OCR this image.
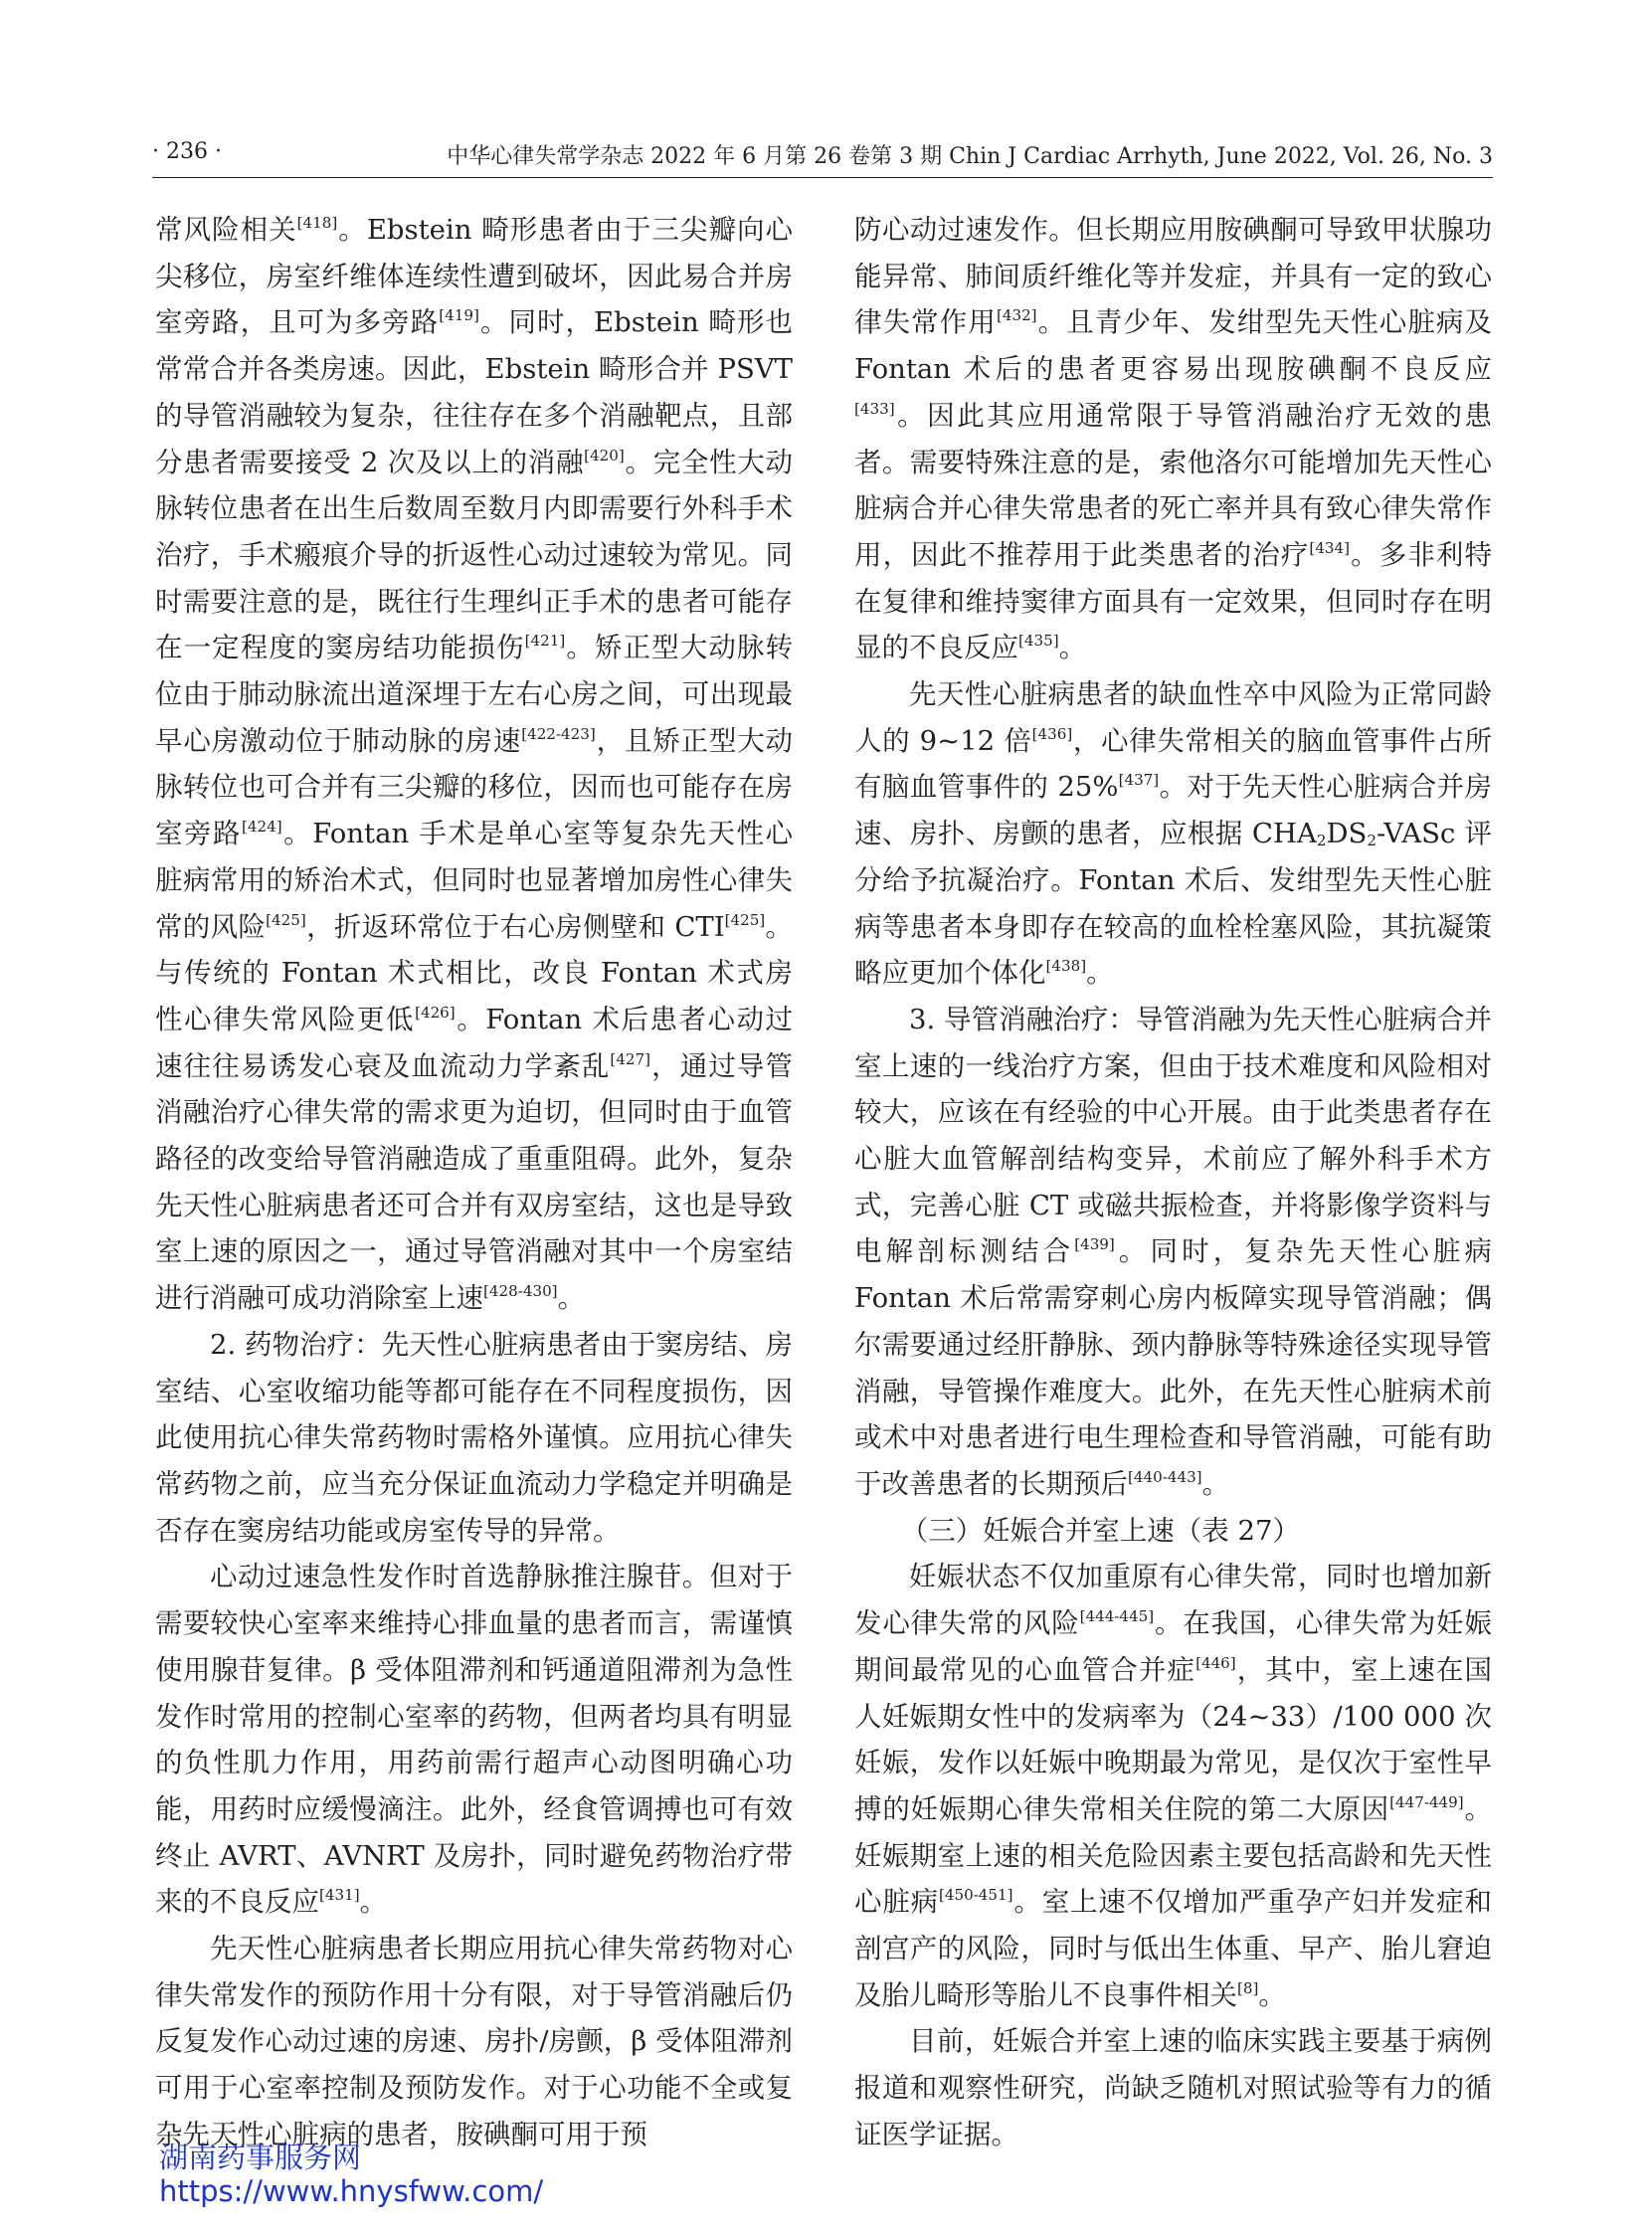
· 236 ·	中华心律失常学杂志 2022 年 6 月第 26 卷第 3 期 Chin J Cardiac Arrhyth, June 2022, Vol. 26, No. 3

常风险相关[418]。Ebstein 畸形患者由于三尖瓣向心尖移位，房室纤维体连续性遭到破坏，因此易合并房室旁路，且可为多旁路[419]。同时，Ebstein 畸形也常常合并各类房速。因此，Ebstein 畸形合并 PSVT 的导管消融较为复杂，往往存在多个消融靶点，且部分患者需要接受 2 次及以上的消融[420]。完全性大动脉转位患者在出生后数周至数月内即需要行外科手术治疗，手术瘢痕介导的折返性心动过速较为常见。同时需要注意的是，既往行生理纠正手术的患者可能存在一定程度的窦房结功能损伤[421]。矫正型大动脉转位由于肺动脉流出道深埋于左右心房之间，可出现最早心房激动位于肺动脉的房速[422-423]，且矫正型大动脉转位也可合并有三尖瓣的移位，因而也可能存在房室旁路[424]。Fontan 手术是单心室等复杂先天性心脏病常用的矫治术式，但同时也显著增加房性心律失常的风险[425]，折返环常位于右心房侧壁和 CTI[425]。与传统的 Fontan 术式相比，改良 Fontan 术式房性心律失常风险更低[426]。Fontan 术后患者心动过速往往易诱发心衰及血流动力学紊乱[427]，通过导管消融治疗心律失常的需求更为迫切，但同时由于血管路径的改变给导管消融造成了重重阻碍。此外，复杂先天性心脏病患者还可合并有双房室结，这也是导致室上速的原因之一，通过导管消融对其中一个房室结进行消融可成功消除室上速[428-430]。

2. 药物治疗：先天性心脏病患者由于窦房结、房室结、心室收缩功能等都可能存在不同程度损伤，因此使用抗心律失常药物时需格外谨慎。应用抗心律失常药物之前，应当充分保证血流动力学稳定并明确是否存在窦房结功能或房室传导的异常。

心动过速急性发作时首选静脉推注腺苷。但对于需要较快心室率来维持心排血量的患者而言，需谨慎使用腺苷复律。β 受体阻滞剂和钙通道阻滞剂为急性发作时常用的控制心室率的药物，但两者均具有明显的负性肌力作用，用药前需行超声心动图明确心功能，用药时应缓慢滴注。此外，经食管调搏也可有效终止 AVRT、AVNRT 及房扑，同时避免药物治疗带来的不良反应[431]。

先天性心脏病患者长期应用抗心律失常药物对心律失常发作的预防作用十分有限，对于导管消融后仍反复发作心动过速的房速、房扑/房颤，β 受体阻滞剂可用于心室率控制及预防发作。对于心功能不全或复杂先天性心脏病的患者，胺碘酮可用于预

防心动过速发作。但长期应用胺碘酮可导致甲状腺功能异常、肺间质纤维化等并发症，并具有一定的致心律失常作用[432]。且青少年、发绀型先天性心脏病及 Fontan 术后的患者更容易出现胺碘酮不良反应[433]。因此其应用通常限于导管消融治疗无效的患者。需要特殊注意的是，索他洛尔可能增加先天性心脏病合并心律失常患者的死亡率并具有致心律失常作用，因此不推荐用于此类患者的治疗[434]。多非利特在复律和维持窦律方面具有一定效果，但同时存在明显的不良反应[435]。

先天性心脏病患者的缺血性卒中风险为正常同龄人的 9~12 倍[436]，心律失常相关的脑血管事件占所有脑血管事件的 25%[437]。对于先天性心脏病合并房速、房扑、房颤的患者，应根据 $CHA_2DS_2$-VASc 评分给予抗凝治疗。Fontan 术后、发绀型先天性心脏病等患者本身即存在较高的血栓栓塞风险，其抗凝策略应更加个体化[438]。

3. 导管消融治疗：导管消融为先天性心脏病合并室上速的一线治疗方案，但由于技术难度和风险相对较大，应该在有经验的中心开展。由于此类患者存在心脏大血管解剖结构变异，术前应了解外科手术方式，完善心脏 CT 或磁共振检查，并将影像学资料与电解剖标测结合[439]。同时，复杂先天性心脏病 Fontan 术后常需穿刺心房内板障实现导管消融；偶尔需要通过经肝静脉、颈内静脉等特殊途径实现导管消融，导管操作难度大。此外，在先天性心脏病术前或术中对患者进行电生理检查和导管消融，可能有助于改善患者的长期预后[440-443]。

（三）妊娠合并室上速（表 27）

妊娠状态不仅加重原有心律失常，同时也增加新发心律失常的风险[444-445]。在我国，心律失常为妊娠期间最常见的心血管合并症[446]，其中，室上速在国人妊娠期女性中的发病率为（24~33）/100 000 次妊娠，发作以妊娠中晚期最为常见，是仅次于室性早搏的妊娠期心律失常相关住院的第二大原因[447-449]。妊娠期室上速的相关危险因素主要包括高龄和先天性心脏病[450-451]。室上速不仅增加严重孕产妇并发症和剖宫产的风险，同时与低出生体重、早产、胎儿窘迫及胎儿畸形等胎儿不良事件相关[8]。

目前，妊娠合并室上速的临床实践主要基于病例报道和观察性研究，尚缺乏随机对照试验等有力的循证医学证据。

湖南药事服务网
https://www.hnysfww.com/
